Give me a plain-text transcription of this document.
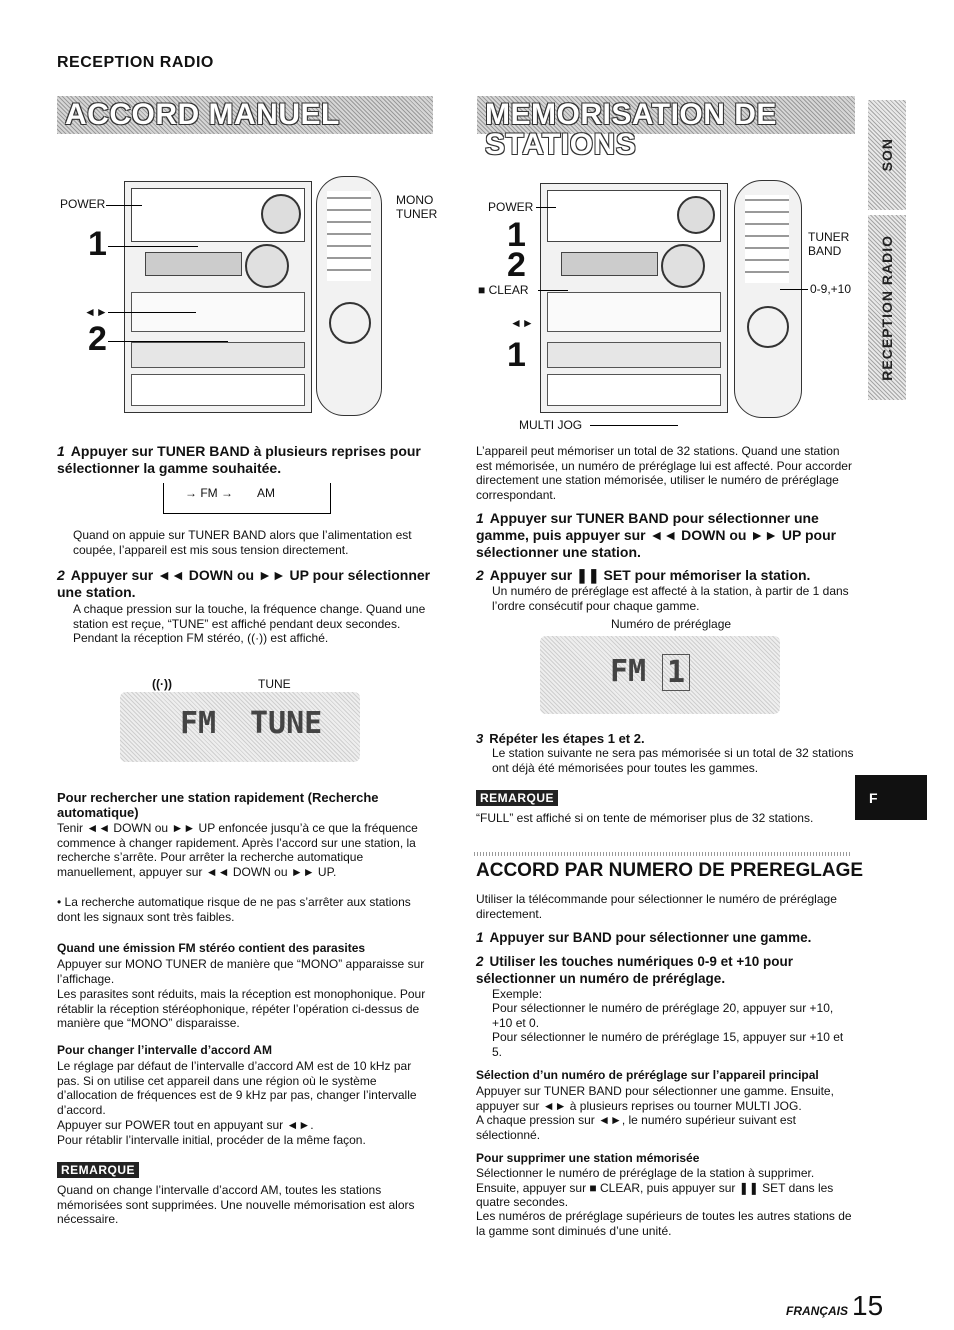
RECEPTION RADIO
ACCORD MANUEL	MEMORISATION DE STATIONS	SON
RECEPTION RADIO
F
POWER	MONO
TUNER
1
◄►
2
POWER
■ CLEAR
TUNER
BAND
0-9,+10
MULTI JOG
1
2
◄►
1
1 Appuyer sur TUNER BAND à plusieurs reprises pour sélectionner la gamme souhaitée.
→ FM → AM
Quand on appuie sur TUNER BAND alors que l’alimentation est coupée, l’appareil est mis sous tension directement.
2 Appuyer sur ◄◄ DOWN ou ►► UP pour sélectionner une station.
A chaque pression sur la touche, la fréquence change. Quand une station est reçue, “TUNE” est affiché pendant deux secondes. Pendant la réception FM stéréo, ((·)) est affiché.
((·))	TUNE
FM TUNE
Pour rechercher une station rapidement (Recherche automatique)
Tenir ◄◄ DOWN ou ►► UP enfoncée jusqu’à ce que la fréquence commence à changer rapidement. Après l’accord sur une station, la recherche s’arrête. Pour arrêter la recherche automatique manuellement, appuyer sur ◄◄ DOWN ou ►► UP.
• La recherche automatique risque de ne pas s’arrêter aux stations dont les signaux sont très faibles.
Quand une émission FM stéréo contient des parasites
Appuyer sur MONO TUNER de manière que “MONO” apparaisse sur l’affichage.
Les parasites sont réduits, mais la réception est monophonique. Pour rétablir la réception stéréophonique, répéter l’opération ci-dessus de manière que “MONO” disparaisse.
Pour changer l’intervalle d’accord AM
Le réglage par défaut de l’intervalle d’accord AM est de 10 kHz par pas. Si on utilise cet appareil dans une région où le système d’allocation de fréquences est de 9 kHz par pas, changer l’intervalle d’accord.
Appuyer sur POWER tout en appuyant sur ◄►.
Pour rétablir l’intervalle initial, procéder de la même façon.
REMARQUE
Quand on change l’intervalle d’accord AM, toutes les stations mémorisées sont supprimées. Une nouvelle mémorisation est alors nécessaire.
L’appareil peut mémoriser un total de 32 stations. Quand une station est mémorisée, un numéro de préréglage lui est affecté. Pour accorder directement une station mémorisée, utiliser le numéro de préréglage correspondant.
1 Appuyer sur TUNER BAND pour sélectionner une gamme, puis appuyer sur ◄◄ DOWN ou ►► UP pour sélectionner une station.
2 Appuyer sur ❚❚ SET pour mémoriser la station.
Un numéro de préréglage est affecté à la station, à partir de 1 dans l’ordre consécutif pour chaque gamme.
Numéro de préréglage
FM 1
3 Répéter les étapes 1 et 2.
Le station suivante ne sera pas mémorisée si un total de 32 stations ont déjà été mémorisées pour toutes les gammes.
REMARQUE
“FULL” est affiché si on tente de mémoriser plus de 32 stations.
ACCORD PAR NUMERO DE PREREGLAGE
Utiliser la télécommande pour sélectionner le numéro de préréglage directement.
1 Appuyer sur BAND pour sélectionner une gamme.
2 Utiliser les touches numériques 0-9 et +10 pour sélectionner un numéro de préréglage.
Exemple:
Pour sélectionner le numéro de préréglage 20, appuyer sur +10, +10 et 0.
Pour sélectionner le numéro de préréglage 15, appuyer sur +10 et 5.
Sélection d’un numéro de préréglage sur l’appareil principal
Appuyer sur TUNER BAND pour sélectionner une gamme. Ensuite, appuyer sur ◄► à plusieurs reprises ou tourner MULTI JOG.
A chaque pression sur ◄►, le numéro supérieur suivant est sélectionné.
Pour supprimer une station mémorisée
Sélectionner le numéro de préréglage de la station à supprimer. Ensuite, appuyer sur ■ CLEAR, puis appuyer sur ❚❚ SET dans les quatre secondes.
Les numéros de préréglage supérieurs de toutes les autres stations de la gamme sont diminués d’une unité.
FRANÇAIS 15
